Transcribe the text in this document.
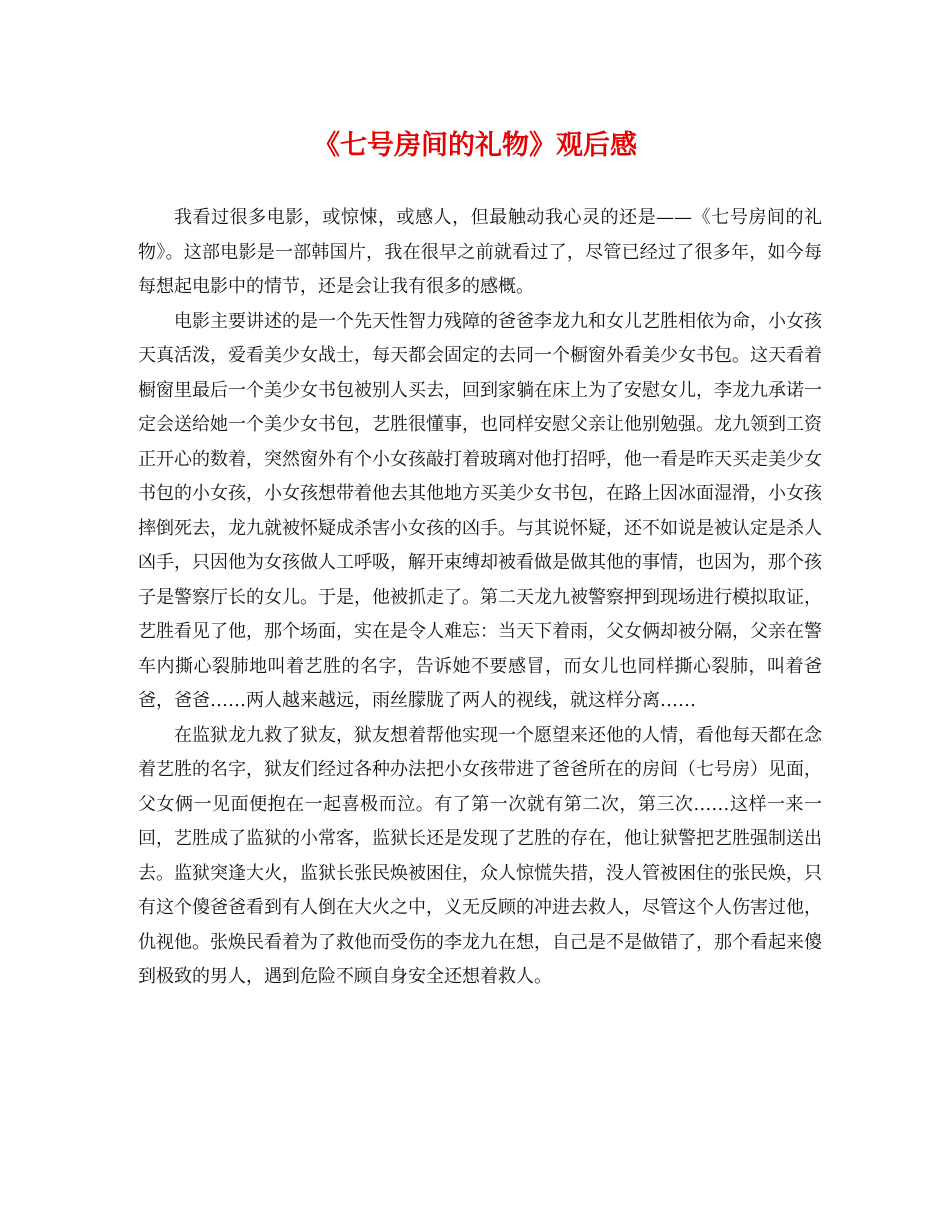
《七号房间的礼物》观后感

我看过很多电影，或惊悚，或感人，但最触动我心灵的还是——《七号房间的礼物》。这部电影是一部韩国片，我在很早之前就看过了，尽管已经过了很多年，如今每每想起电影中的情节，还是会让我有很多的感概。

电影主要讲述的是一个先天性智力残障的爸爸李龙九和女儿艺胜相依为命，小女孩天真活泼，爱看美少女战士，每天都会固定的去同一个橱窗外看美少女书包。这天看着橱窗里最后一个美少女书包被别人买去，回到家躺在床上为了安慰女儿，李龙九承诺一定会送给她一个美少女书包，艺胜很懂事，也同样安慰父亲让他别勉强。龙九领到工资正开心的数着，突然窗外有个小女孩敲打着玻璃对他打招呼，他一看是昨天买走美少女书包的小女孩，小女孩想带着他去其他地方买美少女书包，在路上因冰面湿滑，小女孩摔倒死去，龙九就被怀疑成杀害小女孩的凶手。与其说怀疑，还不如说是被认定是杀人凶手，只因他为女孩做人工呼吸，解开束缚却被看做是做其他的事情，也因为，那个孩子是警察厅长的女儿。于是，他被抓走了。第二天龙九被警察押到现场进行模拟取证，艺胜看见了他，那个场面，实在是令人难忘：当天下着雨，父女俩却被分隔，父亲在警车内撕心裂肺地叫着艺胜的名字，告诉她不要感冒，而女儿也同样撕心裂肺，叫着爸爸，爸爸……两人越来越远，雨丝朦胧了两人的视线，就这样分离……

在监狱龙九救了狱友，狱友想着帮他实现一个愿望来还他的人情，看他每天都在念着艺胜的名字，狱友们经过各种办法把小女孩带进了爸爸所在的房间（七号房）见面，父女俩一见面便抱在一起喜极而泣。有了第一次就有第二次，第三次……这样一来一回，艺胜成了监狱的小常客，监狱长还是发现了艺胜的存在，他让狱警把艺胜强制送出去。监狱突逢大火，监狱长张民焕被困住，众人惊慌失措，没人管被困住的张民焕，只有这个傻爸爸看到有人倒在大火之中，义无反顾的冲进去救人，尽管这个人伤害过他，仇视他。张焕民看着为了救他而受伤的李龙九在想，自己是不是做错了，那个看起来傻到极致的男人，遇到危险不顾自身安全还想着救人。
